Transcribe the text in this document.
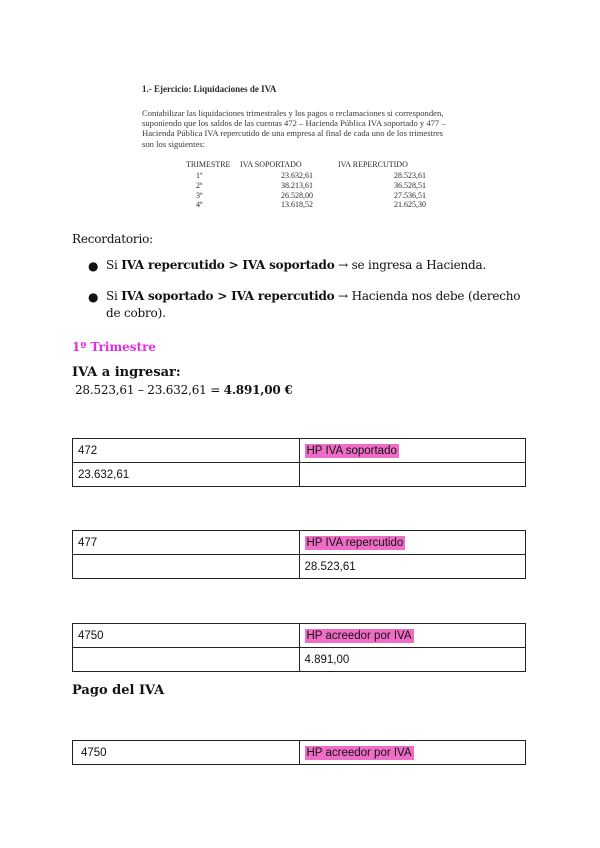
1.- Ejercicio: Liquidaciones de IVA
Contabilizar las liquidaciones trimestrales y los pagos o reclamaciones si corresponden,
suponiendo que los saldos de las cuentas 472 – Hacienda Pública IVA soportado y 477 –
Hacienda Pública IVA repercutido de una empresa al final de cada uno de los trimestres
son los siguientes:
TRIMESTRE IVA SOPORTADO	IVA REPERCUTIDO
1º	23.632,61	28.523,61
2º	38.213,61	36.528,51
3º	26.528,00	27.536,51
4º	13.618,52	21.625,30
Recordatorio:
● Si IVA repercutido > IVA soportado → se ingresa a Hacienda.
● Si IVA soportado > IVA repercutido → Hacienda nos debe (derecho de cobro).
1º Trimestre
IVA a ingresar:
28.523,61 – 23.632,61 = 4.891,00 €
472	HP IVA soportado
23.632,61	
477	HP IVA repercutido
	28.523,61
4750	HP acreedor por IVA
	4.891,00
Pago del IVA
4750	HP acreedor por IVA
